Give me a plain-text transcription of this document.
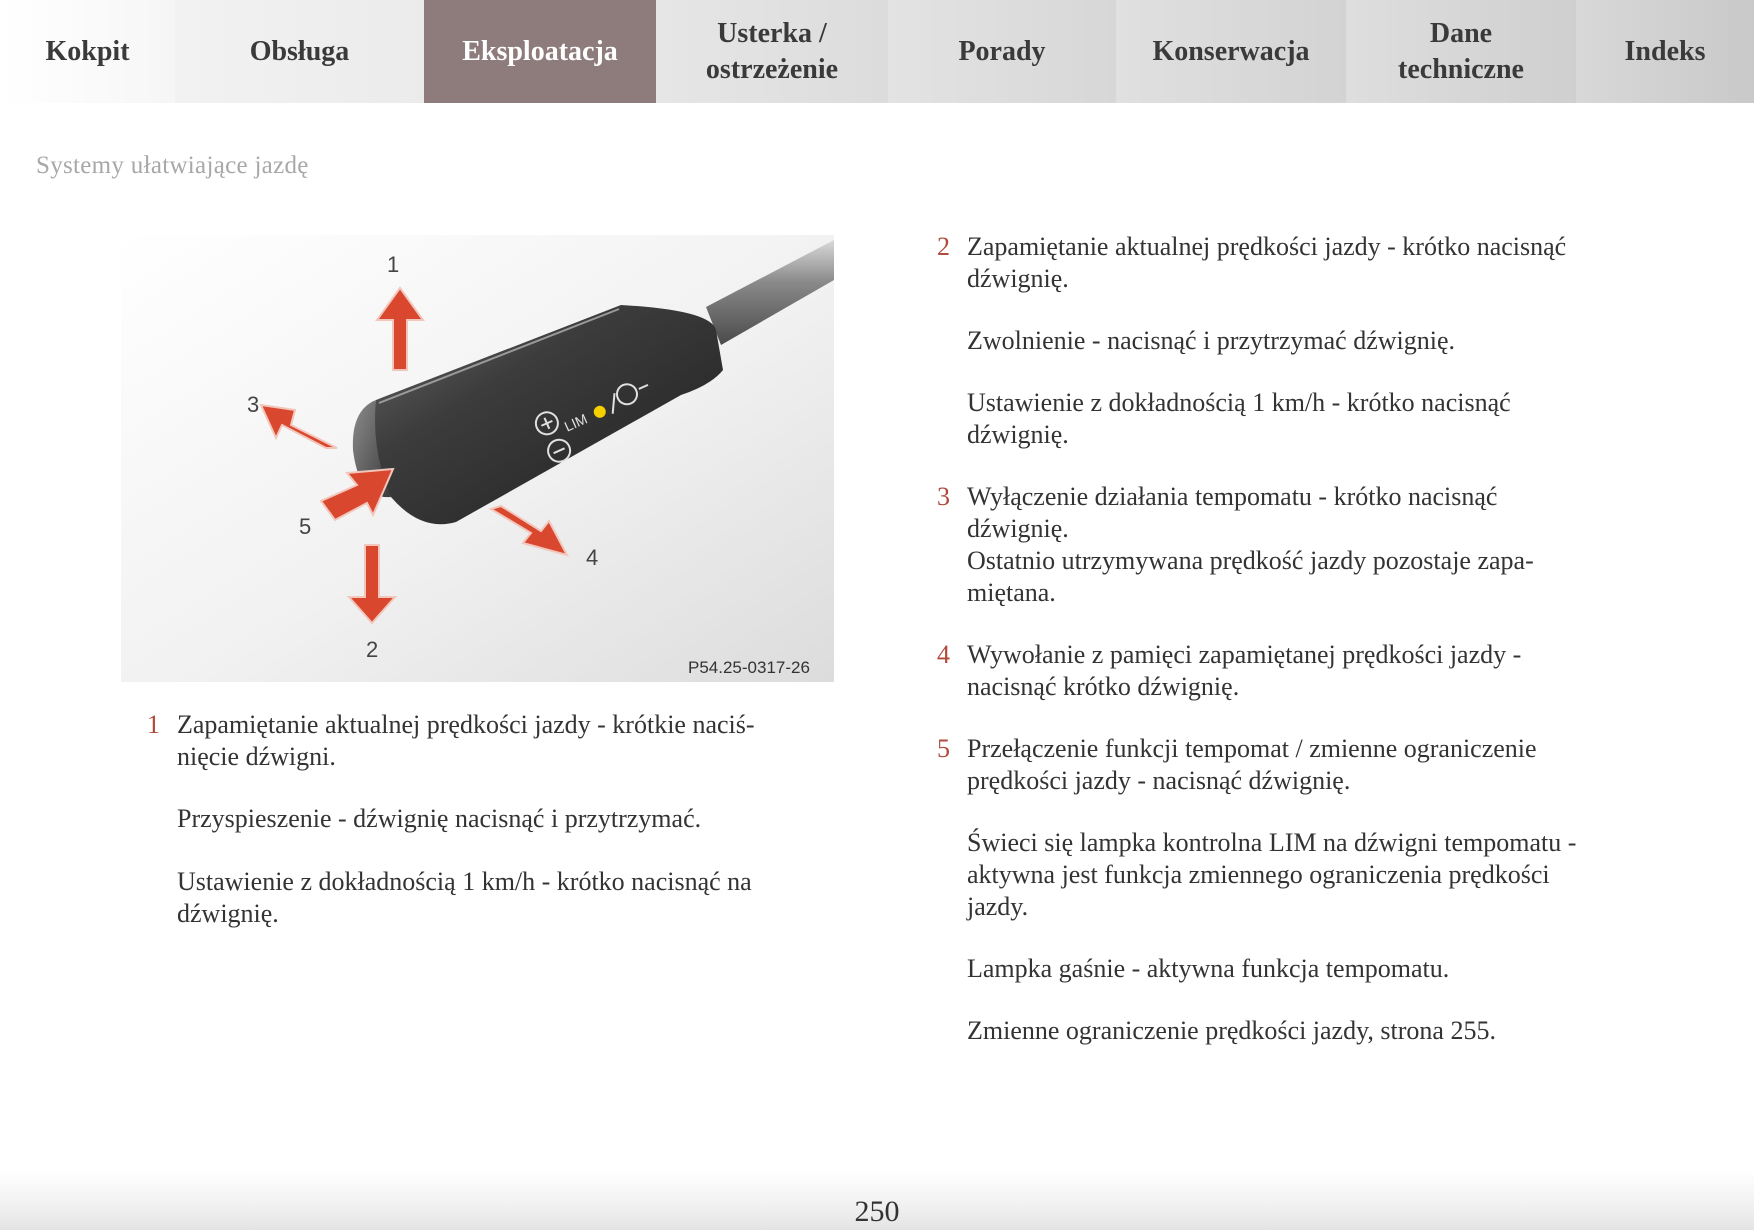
Kokpit	Obsługa	Eksploatacja
Usterka /
ostrzeżenie
Porady	Konserwacja
Dane
techniczne
Indeks
Systemy ułatwiające jazdę
LIM
1
2
3
4
5
P54.25-0317-26
1 Zapamiętanie aktualnej prędkości jazdy - krótkie naciś-
nięcie dźwigni.
Przyspieszenie - dźwignię nacisnąć i przytrzymać.
Ustawienie z dokładnością 1 km/h - krótko nacisnąć na
dźwignię.
2 Zapamiętanie aktualnej prędkości jazdy - krótko nacisnąć
dźwignię.
Zwolnienie - nacisnąć i przytrzymać dźwignię.
Ustawienie z dokładnością 1 km/h - krótko nacisnąć
dźwignię.
3 Wyłączenie działania tempomatu - krótko nacisnąć
dźwignię.
Ostatnio utrzymywana prędkość jazdy pozostaje zapa-
miętana.
4 Wywołanie z pamięci zapamiętanej prędkości jazdy -
nacisnąć krótko dźwignię.
5 Przełączenie funkcji tempomat / zmienne ograniczenie
prędkości jazdy - nacisnąć dźwignię.
Świeci się lampka kontrolna LIM na dźwigni tempomatu -
aktywna jest funkcja zmiennego ograniczenia prędkości
jazdy.
Lampka gaśnie - aktywna funkcja tempomatu.
Zmienne ograniczenie prędkości jazdy, strona 255.
250
